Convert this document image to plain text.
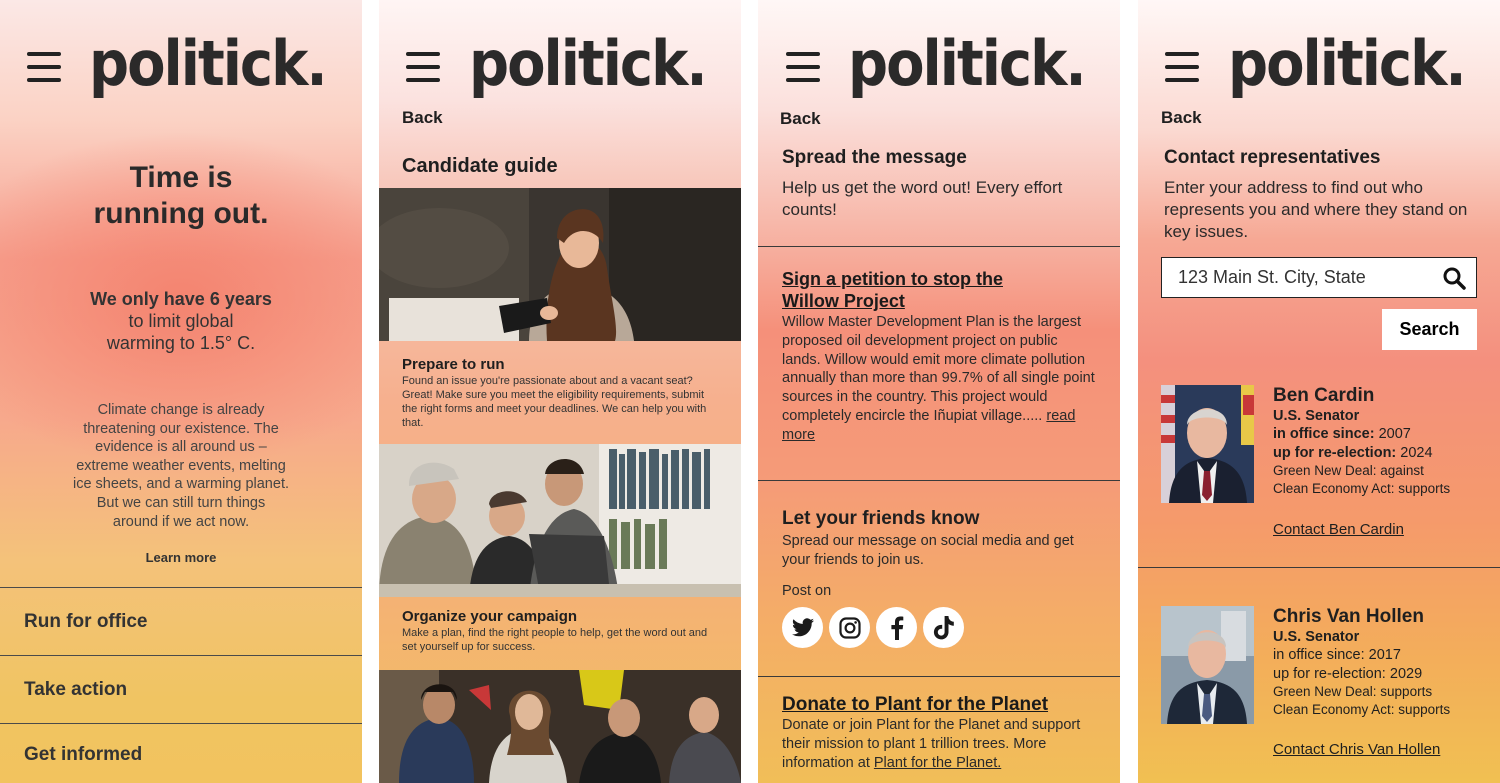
politick.
Time is
running out.
We only have 6 years
to limit global
warming to 1.5° C.
Climate change is already
threatening our existence. The
evidence is all around us –
extreme weather events, melting
ice sheets, and a warming planet.
But we can still turn things
around if we act now.
Learn more
Run for office
Take action
Get informed
politick.
Back
Candidate guide
Prepare to run

Found an issue you're passionate about and a vacant seat? Great! Make sure you meet the eligibility requirements, submit the right forms and meet your deadlines. We can help you with that.

Organize your campaign

Make a plan, find the right people to help, get the word out and set yourself up for success.

politick.
Back
Spread the message
Help us get the word out! Every effort counts!
Sign a petition to stop the
Willow Project
Willow Master Development Plan is the largest proposed oil development project on public lands. Willow would emit more climate pollution annually than more than 99.7% of all single point sources in the country. This project would completely encircle the Iñupiat village..... read more
Let your friends know
Spread our message on social media and get your friends to join us.
Post on
Donate to Plant for the Planet
Donate or join Plant for the Planet and support their mission to plant 1 trillion trees. More information at Plant for the Planet.
politick.
Back
Contact representatives
Enter your address to find out who represents you and where they stand on key issues.
123 Main St. City, State
Search
Ben Cardin
U.S. Senator
in office since: 2007
up for re-election: 2024
Green New Deal: against
Clean Economy Act: supports
Contact Ben Cardin
Chris Van Hollen
U.S. Senator
in office since: 2017
up for re-election: 2029
Green New Deal: supports
Clean Economy Act: supports
Contact Chris Van Hollen
